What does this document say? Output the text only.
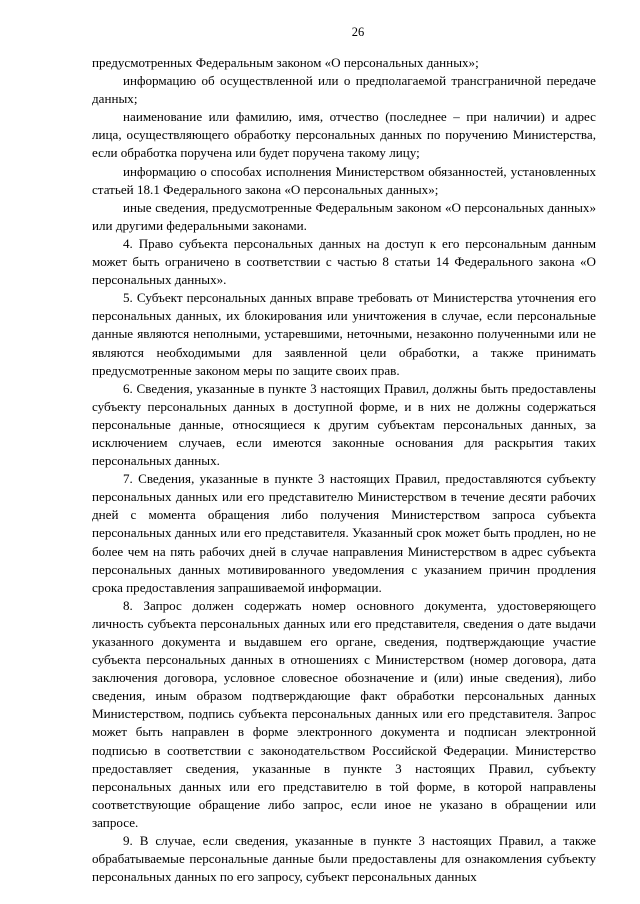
26

предусмотренных Федеральным законом «О персональных данных»;

информацию об осуществленной или о предполагаемой трансграничной передаче данных;

наименование или фамилию, имя, отчество (последнее – при наличии) и адрес лица, осуществляющего обработку персональных данных по поручению Министерства, если обработка поручена или будет поручена такому лицу;

информацию о способах исполнения Министерством обязанностей, установленных статьей 18.1 Федерального закона «О персональных данных»;

иные сведения, предусмотренные Федеральным законом «О персональных данных» или другими федеральными законами.

4. Право субъекта персональных данных на доступ к его персональным данным может быть ограничено в соответствии с частью 8 статьи 14 Федерального закона «О персональных данных».

5. Субъект персональных данных вправе требовать от Министерства уточнения его персональных данных, их блокирования или уничтожения в случае, если персональные данные являются неполными, устаревшими, неточными, незаконно полученными или не являются необходимыми для заявленной цели обработки, а также принимать предусмотренные законом меры по защите своих прав.

6. Сведения, указанные в пункте 3 настоящих Правил, должны быть предоставлены субъекту персональных данных в доступной форме, и в них не должны содержаться персональные данные, относящиеся к другим субъектам персональных данных, за исключением случаев, если имеются законные основания для раскрытия таких персональных данных.

7. Сведения, указанные в пункте 3 настоящих Правил, предоставляются субъекту персональных данных или его представителю Министерством в течение десяти рабочих дней с момента обращения либо получения Министерством запроса субъекта персональных данных или его представителя. Указанный срок может быть продлен, но не более чем на пять рабочих дней в случае направления Министерством в адрес субъекта персональных данных мотивированного уведомления с указанием причин продления срока предоставления запрашиваемой информации.

8. Запрос должен содержать номер основного документа, удостоверяющего личность субъекта персональных данных или его представителя, сведения о дате выдачи указанного документа и выдавшем его органе, сведения, подтверждающие участие субъекта персональных данных в отношениях с Министерством (номер договора, дата заключения договора, условное словесное обозначение и (или) иные сведения), либо сведения, иным образом подтверждающие факт обработки персональных данных Министерством, подпись субъекта персональных данных или его представителя. Запрос может быть направлен в форме электронного документа и подписан электронной подписью в соответствии с законодательством Российской Федерации. Министерство предоставляет сведения, указанные в пункте 3 настоящих Правил, субъекту персональных данных или его представителю в той форме, в которой направлены соответствующие обращение либо запрос, если иное не указано в обращении или запросе.

9. В случае, если сведения, указанные в пункте 3 настоящих Правил, а также обрабатываемые персональные данные были предоставлены для ознакомления субъекту персональных данных по его запросу, субъект персональных данных
